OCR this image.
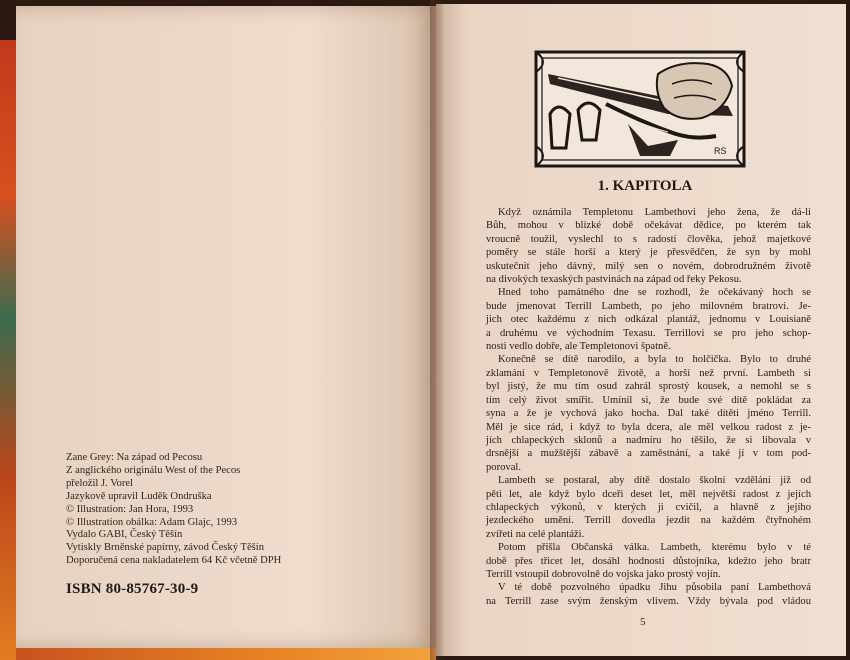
Zane Grey: Na západ od Pecosu
Z anglického originálu West of the Pecos
přeložil J. Vorel
Jazykově upravil Luděk Ondruška
© Illustration: Jan Hora, 1993
© Illustration obálka: Adam Glajc, 1993
Vydalo GABI, Český Těšín
Vytiskly Brněnské papírny, závod Český Těšín
Doporučená cena nakladatelem 64 Kč včetně DPH
ISBN 80-85767-30-9
RS
1. KAPITOLA
Když oznámila Templetonu Lambethovi jeho žena, že dá-li
Bůh, mohou v blízké době očekávat dědice, po kterém tak
vroucně toužil, vyslechl to s radostí člověka, jehož majetkové
poměry se stále horší a který je přesvědčen, že syn by mohl
uskutečnit jeho dávný, milý sen o novém, dobrodružném životě
na divokých texaských pastvinách na západ od řeky Pekosu.
Hned toho památného dne se rozhodl, že očekávaný hoch se
bude jmenovat Terrill Lambeth, po jeho milovném bratrovi. Je-
jich otec každému z nich odkázal plantáž, jednomu v Louisianě
a druhému ve východním Texasu. Terrillovi se pro jeho schop-
nosti vedlo dobře, ale Templetonovi špatně.
Konečně se dítě narodilo, a byla to holčička. Bylo to druhé
zklamání v Templetonově životě, a horší než první. Lambeth si
byl jistý, že mu tím osud zahrál sprostý kousek, a nemohl se s
tím celý život smířit. Umínil si, že bude své dítě pokládat za
syna a že je vychová jako hocha. Dal také dítěti jméno Terrill.
Měl je sice rád, i když to byla dcera, ale měl velkou radost z je-
jích chlapeckých sklonů a nadmíru ho těšilo, že si libovala v
drsnější a mužštější zábavě a zaměstnání, a také jí v tom pod-
poroval.
Lambeth se postaral, aby dítě dostalo školní vzdělání již od
pěti let, ale když bylo dceři deset let, měl největší radost z jejích
chlapeckých výkonů, v kterých ji cvičil, a hlavně z jejího
jezdeckého umění. Terrill dovedla jezdit na každém čtyřnohém
zvířeti na celé plantáži.
Potom přišla Občanská válka. Lambeth, kterému bylo v té
době přes třicet let, dosáhl hodnosti důstojníka, kdežto jeho bratr
Terrill vstoupil dobrovolně do vojska jako prostý vojín.
V té době pozvolného úpadku Jihu působila paní Lambethová
na Terrill zase svým ženským vlivem. Vždy bývala pod vládou
5
